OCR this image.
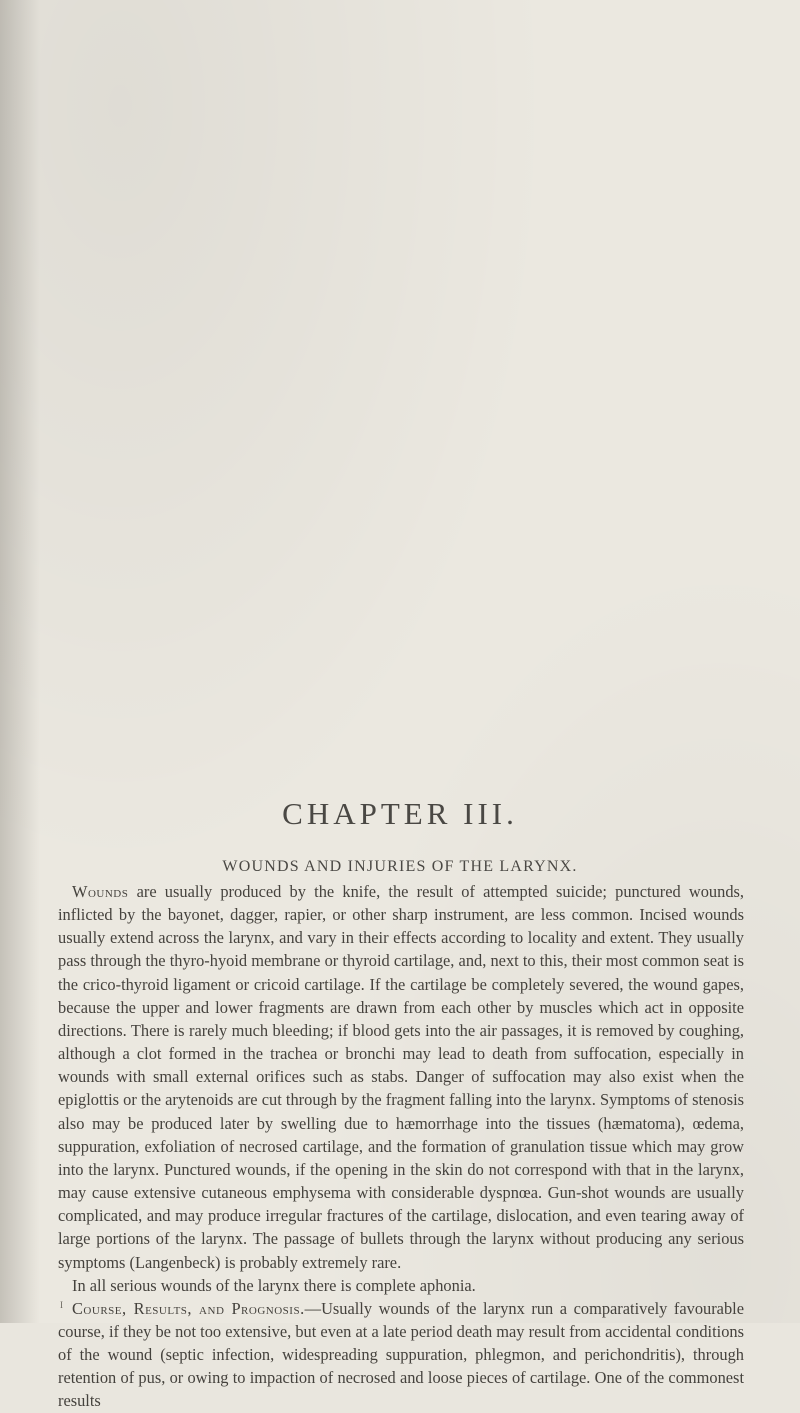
CHAPTER III.
WOUNDS AND INJURIES OF THE LARYNX.

Wounds are usually produced by the knife, the result of attempted suicide; punctured wounds, inflicted by the bayonet, dagger, rapier, or other sharp instrument, are less common. Incised wounds usually extend across the larynx, and vary in their effects according to locality and extent. They usually pass through the thyro-hyoid membrane or thyroid cartilage, and, next to this, their most common seat is the crico-thyroid ligament or cricoid cartilage. If the cartilage be completely severed, the wound gapes, because the upper and lower fragments are drawn from each other by muscles which act in opposite directions. There is rarely much bleeding; if blood gets into the air passages, it is removed by coughing, although a clot formed in the trachea or bronchi may lead to death from suffocation, especially in wounds with small external orifices such as stabs. Danger of suffocation may also exist when the epiglottis or the arytenoids are cut through by the fragment falling into the larynx. Symptoms of stenosis also may be produced later by swelling due to hæmorrhage into the tissues (hæmatoma), œdema, suppuration, exfoliation of necrosed cartilage, and the formation of granulation tissue which may grow into the larynx. Punctured wounds, if the opening in the skin do not correspond with that in the larynx, may cause extensive cutaneous emphysema with considerable dyspnœa. Gun-shot wounds are usually complicated, and may produce irregular fractures of the cartilage, dislocation, and even tearing away of large portions of the larynx. The passage of bullets through the larynx without producing any serious symptoms (Langenbeck) is probably extremely rare.

In all serious wounds of the larynx there is complete aphonia.

Course, Results, and Prognosis.—Usually wounds of the larynx run a comparatively favourable course, if they be not too extensive, but even at a late period death may result from accidental conditions of the wound (septic infection, widespreading suppuration, phlegmon, and perichondritis), through retention of pus, or owing to impaction of necrosed and loose pieces of cartilage. One of the commonest results

I
